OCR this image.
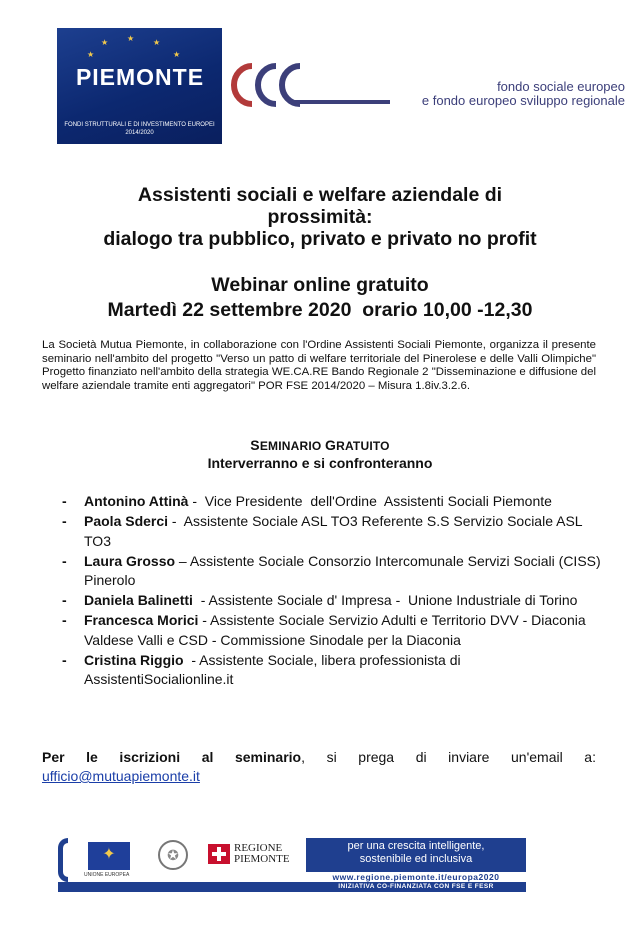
★ ★ ★
★
★
PIEMONTE
FONDI STRUTTURALI E DI INVESTIMENTO EUROPEI 2014/2020
fondo sociale europeo
e fondo europeo sviluppo regionale
Assistenti sociali e welfare aziendale di
prossimità:
dialogo tra pubblico, privato e privato no profit
Webinar online gratuito
Martedì 22 settembre 2020  orario 10,00 -12,30
La Società Mutua Piemonte, in collaborazione con l'Ordine Assistenti Sociali Piemonte, organizza il presente seminario nell'ambito del progetto "Verso un patto di welfare territoriale del Pinerolese e delle Valli Olimpiche" Progetto finanziato nell'ambito della strategia WE.CA.RE Bando Regionale 2 "Disseminazione e diffusione del welfare aziendale tramite enti aggregatori" POR FSE 2014/2020 – Misura 1.8iv.3.2.6.
SEMINARIO GRATUITO
Interverranno e si confronteranno
- Antonino Attinà -  Vice Presidente  dell'Ordine  Assistenti Sociali Piemonte
- Paola Sderci -  Assistente Sociale ASL TO3 Referente S.S Servizio Sociale ASL TO3
- Laura Grosso – Assistente Sociale Consorzio Intercomunale Servizi Sociali (CISS) Pinerolo
- Daniela Balinetti  - Assistente Sociale d' Impresa -  Unione Industriale di Torino
- Francesca Morici - Assistente Sociale Servizio Adulti e Territorio DVV - Diaconia Valdese Valli e CSD - Commissione Sinodale per la Diaconia
- Cristina Riggio  - Assistente Sociale, libera professionista di AssistentiSocialionline.it
Per le iscrizioni al seminario, si prega di inviare un'email a:
ufficio@mutuapiemonte.it
✦
UNIONE EUROPEA
✪	REGIONE
PIEMONTE
per una crescita intelligente,
sostenibile ed inclusiva
www.regione.piemonte.it/europa2020
INIZIATIVA CO-FINANZIATA CON FSE E FESR
